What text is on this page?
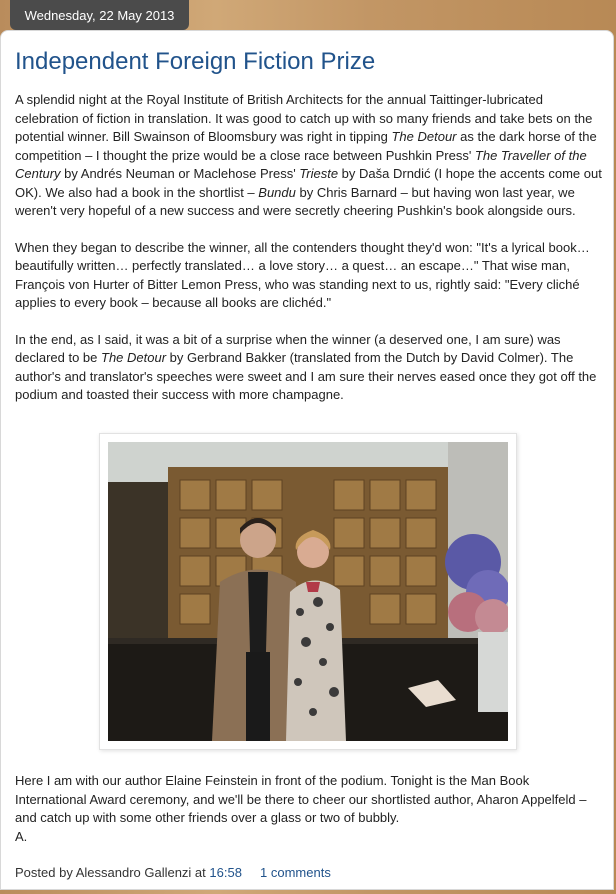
Wednesday, 22 May 2013
Independent Foreign Fiction Prize

A splendid night at the Royal Institute of British Architects for the annual Taittinger-lubricated celebration of fiction in translation. It was good to catch up with so many friends and take bets on the potential winner. Bill Swainson of Bloomsbury was right in tipping The Detour as the dark horse of the competition – I thought the prize would be a close race between Pushkin Press' The Traveller of the Century by Andrés Neuman or Maclehose Press' Trieste by Daša Drndić (I hope the accents come out OK). We also had a book in the shortlist – Bundu by Chris Barnard – but having won last year, we weren't very hopeful of a new success and were secretly cheering Pushkin's book alongside ours.

When they began to describe the winner, all the contenders thought they'd won: "It's a lyrical book… beautifully written… perfectly translated… a love story… a quest… an escape…" That wise man, François von Hurter of Bitter Lemon Press, who was standing next to us, rightly said: "Every cliché applies to every book – because all books are clichéd."

In the end, as I said, it was a bit of a surprise when the winner (a deserved one, I am sure) was declared to be The Detour by Gerbrand Bakker (translated from the Dutch by David Colmer). The author's and translator's speeches were sweet and I am sure their nerves eased once they got off the podium and toasted their success with more champagne.

Here I am with our author Elaine Feinstein in front of the podium. Tonight is the Man Book International Award ceremony, and we'll be there to cheer our shortlisted author, Aharon Appelfeld – and catch up with some other friends over a glass or two of bubbly.
A.
Posted by Alessandro Gallenzi at 16:58 1 comments
